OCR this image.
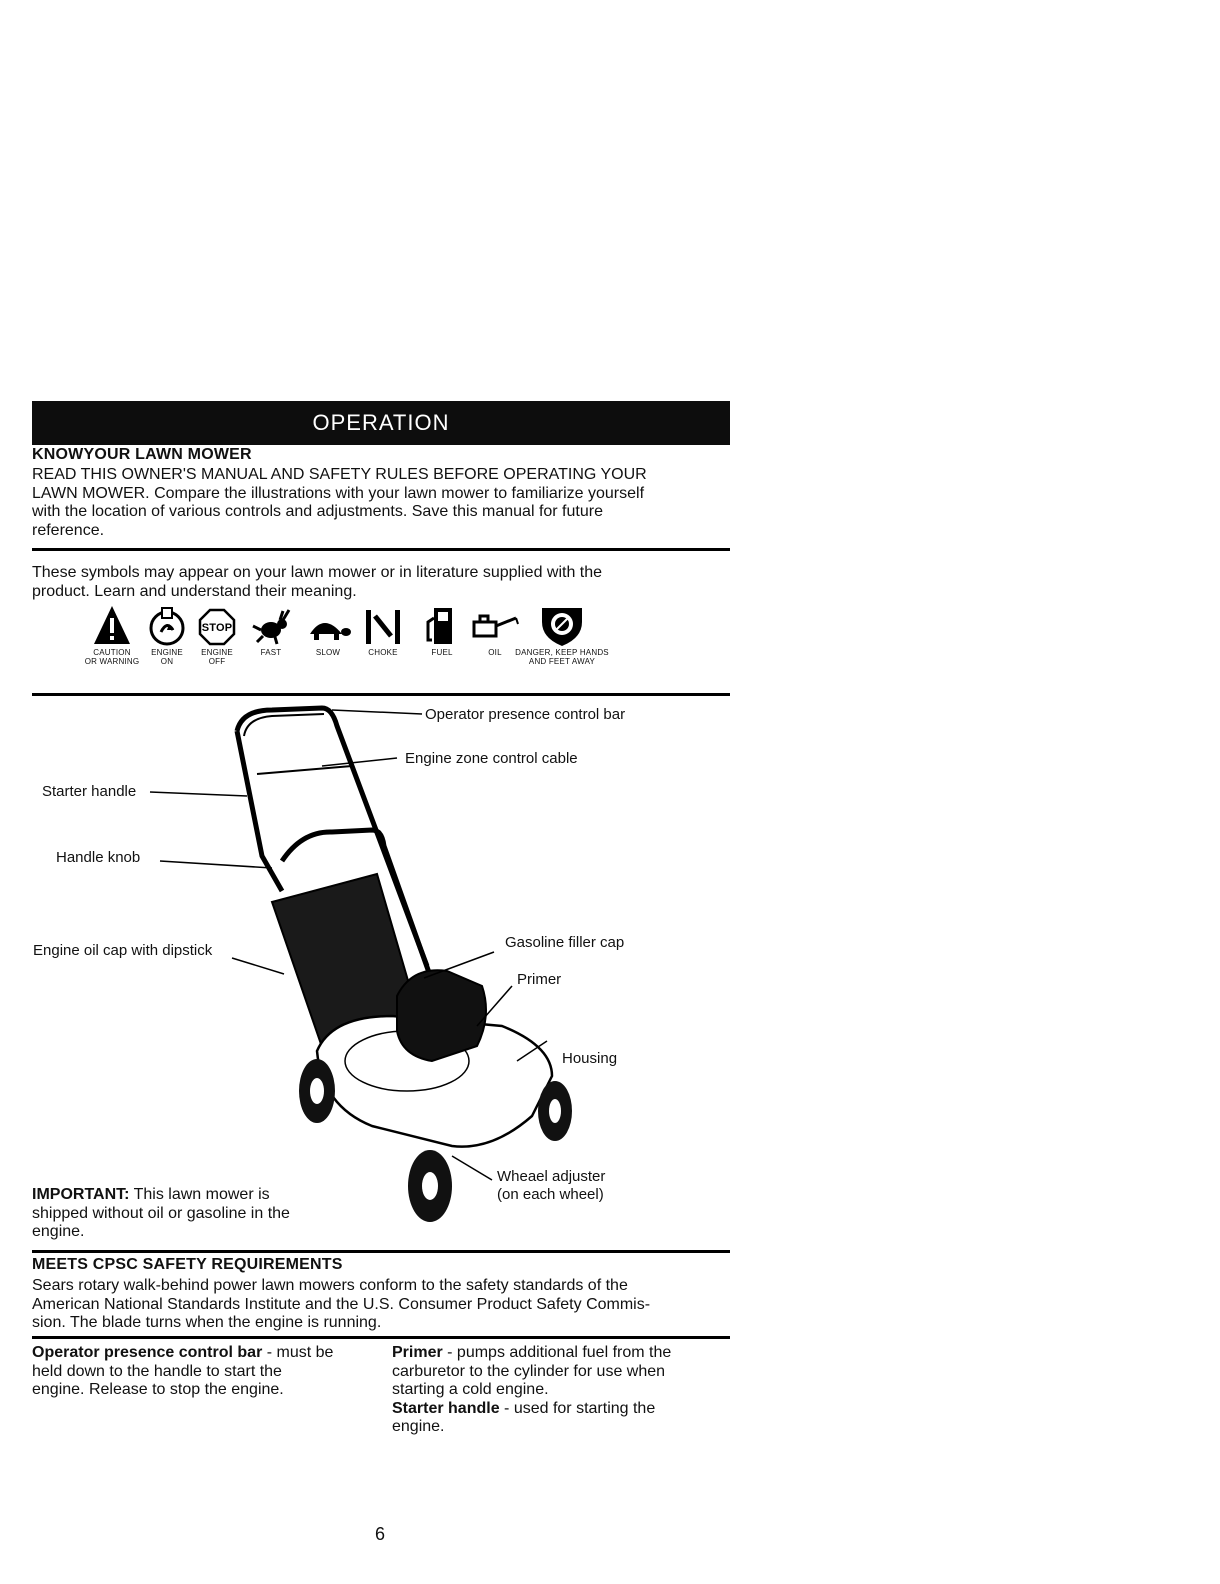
OPERATION
KNOWYOUR LAWN MOWER
READ THIS OWNER'S MANUAL AND SAFETY RULES BEFORE OPERATING YOUR
LAWN MOWER. Compare the illustrations with your lawn mower to familiarize yourself
with the location of various controls and adjustments. Save this manual for future
reference.
These symbols may appear on your lawn mower or in literature supplied with the
product. Learn and understand their meaning.
CAUTION
OR WARNING
ENGINE
ON
STOP
ENGINE
OFF
FAST	SLOW	CHOKE	FUEL	OIL	DANGER, KEEP HANDS
AND FEET AWAY
Operator presence control bar
Engine zone control cable
Starter handle
Handle knob
Engine oil cap with dipstick	Gasoline filler cap
Primer
Housing
Wheael adjuster
(on each wheel)
IMPORTANT: This lawn mower is
shipped without oil or gasoline in the
engine.
MEETS CPSC SAFETY REQUIREMENTS
Sears rotary walk-behind power lawn mowers conform to the safety standards of the
American National Standards Institute and the U.S. Consumer Product Safety Commis-
sion. The blade turns when the engine is running.
Operator presence control bar - must be
held down to the handle to start the
engine. Release to stop the engine.
Primer - pumps additional fuel from the
carburetor to the cylinder for use when
starting a cold engine.
Starter handle - used for starting the
engine.
6
